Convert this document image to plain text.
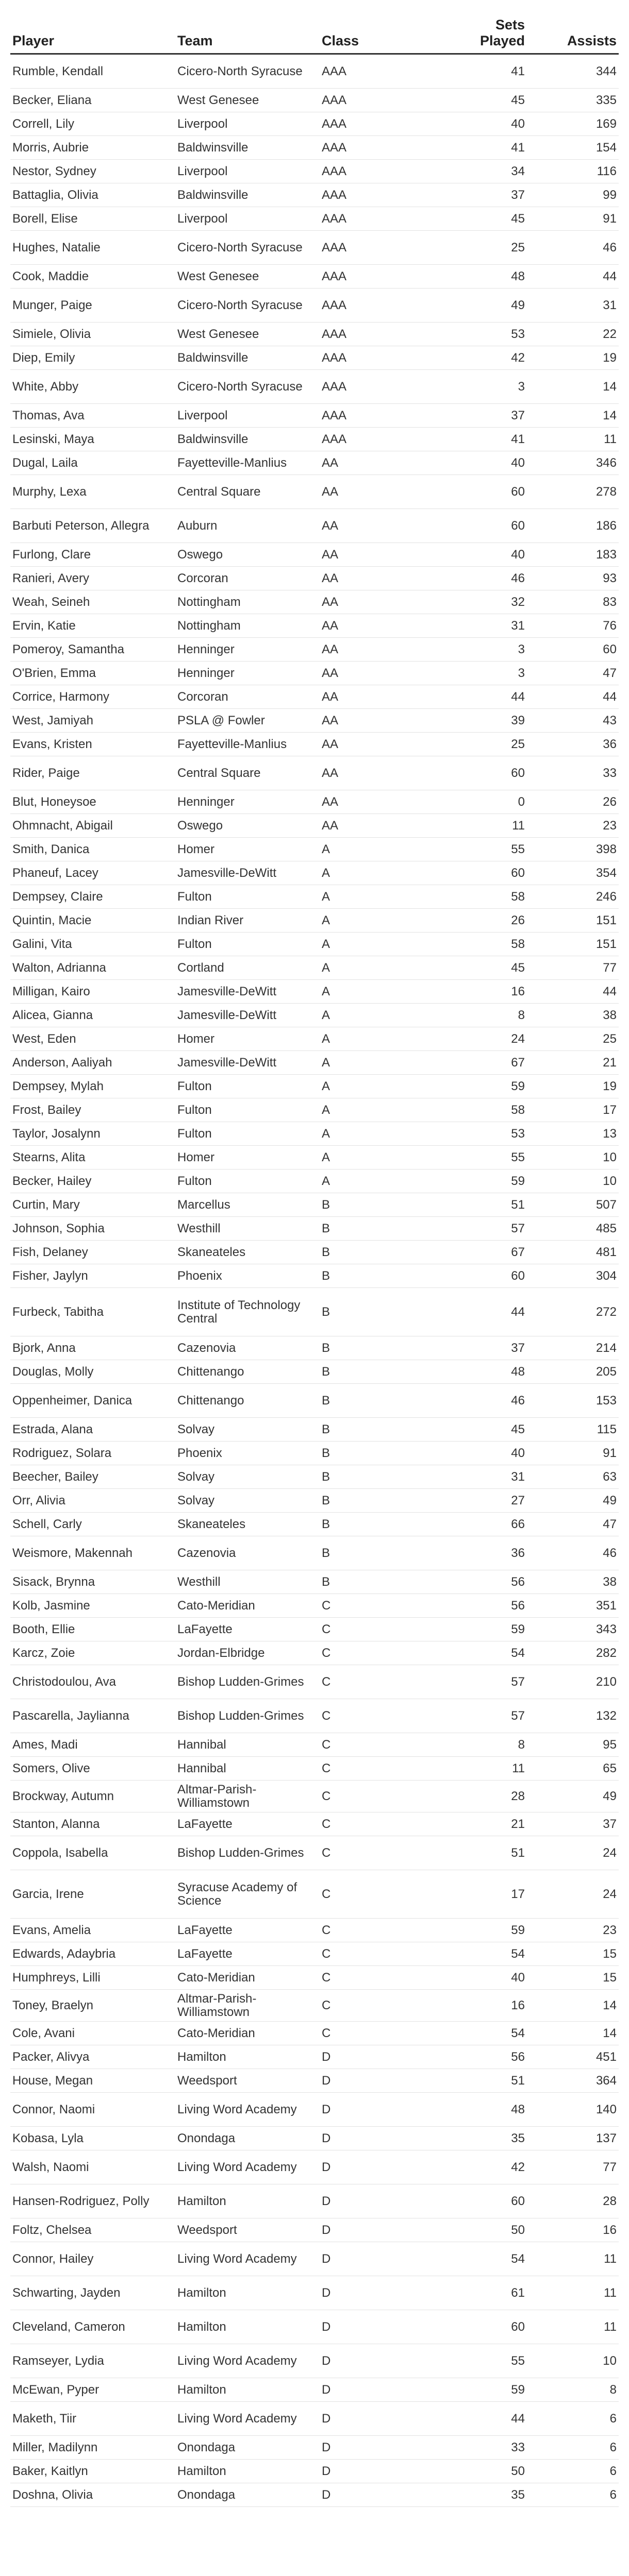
Player	Team	Class	Sets Played	Assists
Rumble, Kendall	Cicero-North Syracuse	AAA	41	344
Becker, Eliana	West Genesee	AAA	45	335
Correll, Lily	Liverpool	AAA	40	169
Morris, Aubrie	Baldwinsville	AAA	41	154
Nestor, Sydney	Liverpool	AAA	34	116
Battaglia, Olivia	Baldwinsville	AAA	37	99
Borell, Elise	Liverpool	AAA	45	91
Hughes, Natalie	Cicero-North Syracuse	AAA	25	46
Cook, Maddie	West Genesee	AAA	48	44
Munger, Paige	Cicero-North Syracuse	AAA	49	31
Simiele, Olivia	West Genesee	AAA	53	22
Diep, Emily	Baldwinsville	AAA	42	19
White, Abby	Cicero-North Syracuse	AAA	3	14
Thomas, Ava	Liverpool	AAA	37	14
Lesinski, Maya	Baldwinsville	AAA	41	11
Dugal, Laila	Fayetteville-Manlius	AA	40	346
Murphy, Lexa	Central Square	AA	60	278
Barbuti Peterson, Allegra	Auburn	AA	60	186
Furlong, Clare	Oswego	AA	40	183
Ranieri, Avery	Corcoran	AA	46	93
Weah, Seineh	Nottingham	AA	32	83
Ervin, Katie	Nottingham	AA	31	76
Pomeroy, Samantha	Henninger	AA	3	60
O'Brien, Emma	Henninger	AA	3	47
Corrice, Harmony	Corcoran	AA	44	44
West, Jamiyah	PSLA @ Fowler	AA	39	43
Evans, Kristen	Fayetteville-Manlius	AA	25	36
Rider, Paige	Central Square	AA	60	33
Blut, Honeysoe	Henninger	AA	0	26
Ohmnacht, Abigail	Oswego	AA	11	23
Smith, Danica	Homer	A	55	398
Phaneuf, Lacey	Jamesville-DeWitt	A	60	354
Dempsey, Claire	Fulton	A	58	246
Quintin, Macie	Indian River	A	26	151
Galini, Vita	Fulton	A	58	151
Walton, Adrianna	Cortland	A	45	77
Milligan, Kairo	Jamesville-DeWitt	A	16	44
Alicea, Gianna	Jamesville-DeWitt	A	8	38
West, Eden	Homer	A	24	25
Anderson, Aaliyah	Jamesville-DeWitt	A	67	21
Dempsey, Mylah	Fulton	A	59	19
Frost, Bailey	Fulton	A	58	17
Taylor, Josalynn	Fulton	A	53	13
Stearns, Alita	Homer	A	55	10
Becker, Hailey	Fulton	A	59	10
Curtin, Mary	Marcellus	B	51	507
Johnson, Sophia	Westhill	B	57	485
Fish, Delaney	Skaneateles	B	67	481
Fisher, Jaylyn	Phoenix	B	60	304
Furbeck, Tabitha	Institute of Technology Central	B	44	272
Bjork, Anna	Cazenovia	B	37	214
Douglas, Molly	Chittenango	B	48	205
Oppenheimer, Danica	Chittenango	B	46	153
Estrada, Alana	Solvay	B	45	115
Rodriguez, Solara	Phoenix	B	40	91
Beecher, Bailey	Solvay	B	31	63
Orr, Alivia	Solvay	B	27	49
Schell, Carly	Skaneateles	B	66	47
Weismore, Makennah	Cazenovia	B	36	46
Sisack, Brynna	Westhill	B	56	38
Kolb, Jasmine	Cato-Meridian	C	56	351
Booth, Ellie	LaFayette	C	59	343
Karcz, Zoie	Jordan-Elbridge	C	54	282
Christodoulou, Ava	Bishop Ludden-Grimes	C	57	210
Pascarella, Jaylianna	Bishop Ludden-Grimes	C	57	132
Ames, Madi	Hannibal	C	8	95
Somers, Olive	Hannibal	C	11	65
Brockway, Autumn	Altmar-Parish-Williamstown	C	28	49
Stanton, Alanna	LaFayette	C	21	37
Coppola, Isabella	Bishop Ludden-Grimes	C	51	24
Garcia, Irene	Syracuse Academy of Science	C	17	24
Evans, Amelia	LaFayette	C	59	23
Edwards, Adaybria	LaFayette	C	54	15
Humphreys, Lilli	Cato-Meridian	C	40	15
Toney, Braelyn	Altmar-Parish-Williamstown	C	16	14
Cole, Avani	Cato-Meridian	C	54	14
Packer, Alivya	Hamilton	D	56	451
House, Megan	Weedsport	D	51	364
Connor, Naomi	Living Word Academy	D	48	140
Kobasa, Lyla	Onondaga	D	35	137
Walsh, Naomi	Living Word Academy	D	42	77
Hansen-Rodriguez, Polly	Hamilton	D	60	28
Foltz, Chelsea	Weedsport	D	50	16
Connor, Hailey	Living Word Academy	D	54	11
Schwarting, Jayden	Hamilton	D	61	11
Cleveland, Cameron	Hamilton	D	60	11
Ramseyer, Lydia	Living Word Academy	D	55	10
McEwan, Pyper	Hamilton	D	59	8
Maketh, Tiir	Living Word Academy	D	44	6
Miller, Madilynn	Onondaga	D	33	6
Baker, Kaitlyn	Hamilton	D	50	6
Doshna, Olivia	Onondaga	D	35	6
